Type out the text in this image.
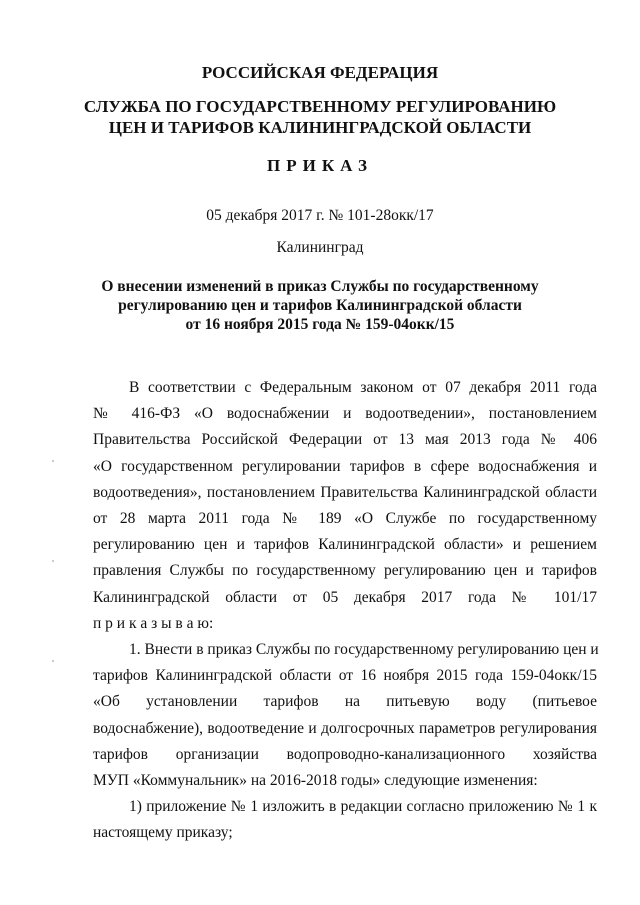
РОССИЙСКАЯ ФЕДЕРАЦИЯ
СЛУЖБА ПО ГОСУДАРСТВЕННОМУ РЕГУЛИРОВАНИЮ
ЦЕН И ТАРИФОВ КАЛИНИНГРАДСКОЙ ОБЛАСТИ
ПРИКАЗ
05 декабря 2017 г. № 101-28окк/17
Калининград
О внесении изменений в приказ Службы по государственному
регулированию цен и тарифов Калининградской области
от 16 ноября 2015 года № 159-04окк/15
В соответствии с Федеральным законом от 07 декабря 2011 года
№ 416-ФЗ «О водоснабжении и водоотведении», постановлением
Правительства Российской Федерации от 13 мая 2013 года № 406
«О государственном регулировании тарифов в сфере водоснабжения и
водоотведения», постановлением Правительства Калининградской области
от 28 марта 2011 года № 189 «О Службе по государственному
регулированию цен и тарифов Калининградской области» и решением
правления Службы по государственному регулированию цен и тарифов
Калининградской области от 05 декабря 2017 года № 101/17
п р и к а з ы в а ю:
1. Внести в приказ Службы по государственному регулированию цен и
тарифов Калининградской области от 16 ноября 2015 года 159-04окк/15
«Об установлении тарифов на питьевую воду (питьевое
водоснабжение), водоотведение и долгосрочных параметров регулирования
тарифов организации водопроводно-канализационного хозяйства
МУП «Коммунальник» на 2016-2018 годы» следующие изменения:
1) приложение № 1 изложить в редакции согласно приложению № 1 к
настоящему приказу;
